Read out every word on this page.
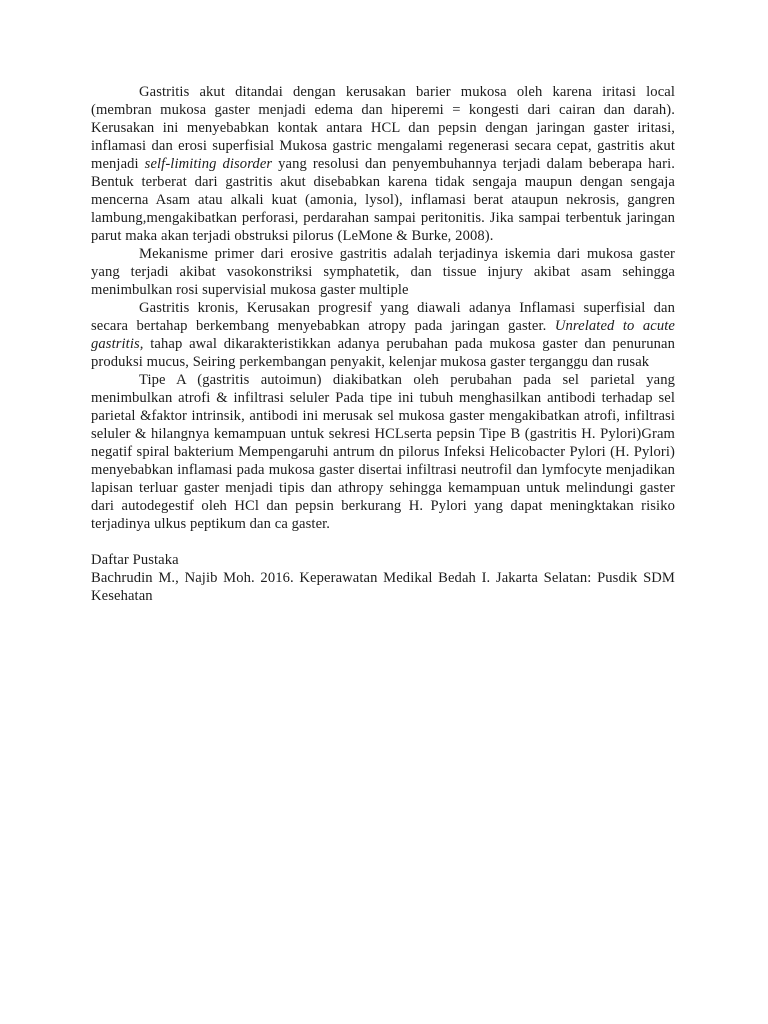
Gastritis akut ditandai dengan kerusakan barier mukosa oleh karena iritasi local (membran mukosa gaster menjadi edema dan hiperemi = kongesti dari cairan dan darah). Kerusakan ini menyebabkan kontak antara HCL dan pepsin dengan jaringan gaster iritasi, inflamasi dan erosi superfisial Mukosa gastric mengalami regenerasi secara cepat, gastritis akut menjadi self-limiting disorder yang resolusi dan penyembuhannya terjadi dalam beberapa hari. Bentuk terberat dari gastritis akut disebabkan karena tidak sengaja maupun dengan sengaja mencerna Asam atau alkali kuat (amonia, lysol), inflamasi berat ataupun nekrosis, gangren lambung,mengakibatkan perforasi, perdarahan sampai peritonitis. Jika sampai terbentuk jaringan parut maka akan terjadi obstruksi pilorus (LeMone & Burke, 2008).

Mekanisme primer dari erosive gastritis adalah terjadinya iskemia dari mukosa gaster yang terjadi akibat vasokonstriksi symphatetik, dan tissue injury akibat asam sehingga menimbulkan rosi supervisial mukosa gaster multiple

Gastritis kronis, Kerusakan progresif yang diawali adanya Inflamasi superfisial dan secara bertahap berkembang menyebabkan atropy pada jaringan gaster. Unrelated to acute gastritis, tahap awal dikarakteristikkan adanya perubahan pada mukosa gaster dan penurunan produksi mucus, Seiring perkembangan penyakit, kelenjar mukosa gaster terganggu dan rusak

Tipe A (gastritis autoimun) diakibatkan oleh perubahan pada sel parietal yang menimbulkan atrofi & infiltrasi seluler Pada tipe ini tubuh menghasilkan antibodi terhadap sel parietal &faktor intrinsik, antibodi ini merusak sel mukosa gaster mengakibatkan atrofi, infiltrasi seluler & hilangnya kemampuan untuk sekresi HCLserta pepsin Tipe B (gastritis H. Pylori)Gram negatif spiral bakterium Mempengaruhi antrum dn pilorus Infeksi Helicobacter Pylori (H. Pylori) menyebabkan inflamasi pada mukosa gaster disertai infiltrasi neutrofil dan lymfocyte menjadikan lapisan terluar gaster menjadi tipis dan athropy sehingga kemampuan untuk melindungi gaster dari autodegestif oleh HCl dan pepsin berkurang H. Pylori yang dapat meningktakan risiko terjadinya ulkus peptikum dan ca gaster.

Daftar Pustaka

Bachrudin M., Najib Moh. 2016. Keperawatan Medikal Bedah I. Jakarta Selatan: Pusdik SDM Kesehatan
